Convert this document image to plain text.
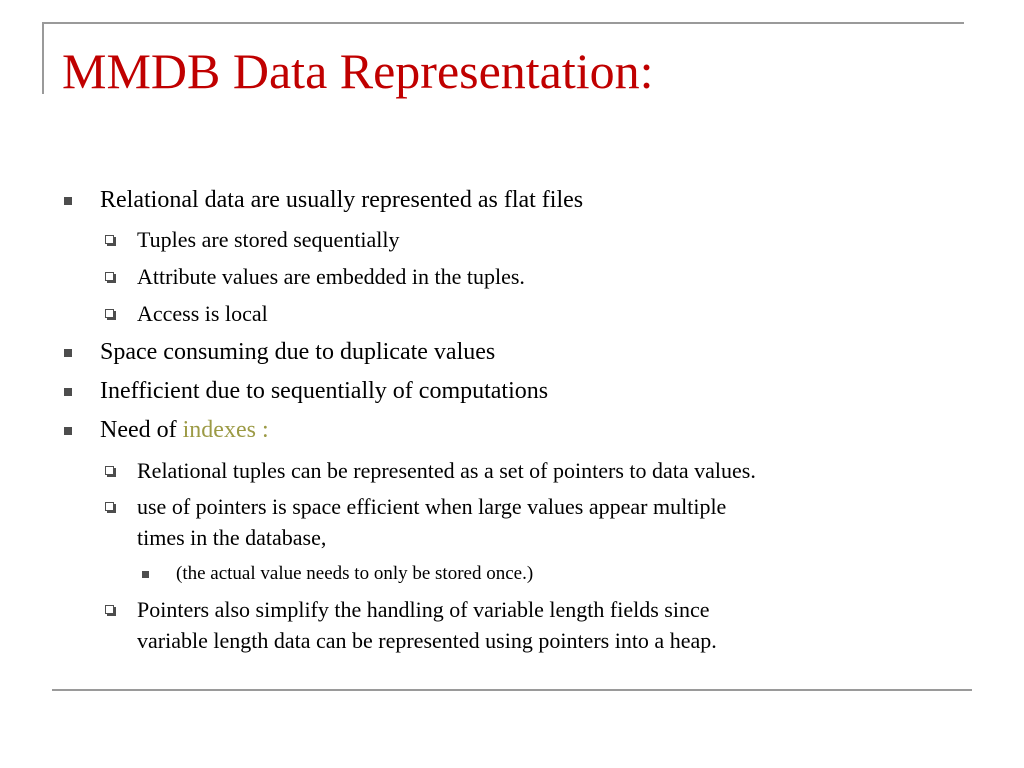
MMDB Data Representation:
Relational data are usually represented as flat files
Tuples are stored sequentially
Attribute values are embedded in the tuples.
Access is local
Space consuming due to duplicate values
Inefficient due to sequentially of computations
Need of indexes :
Relational tuples can be represented as a set of pointers to data values.
use of pointers is space efficient when large values appear multiple
times in the database,
(the actual value needs to only be stored once.)
Pointers also simplify the handling of variable length fields since
variable length data can be represented using pointers into a heap.
